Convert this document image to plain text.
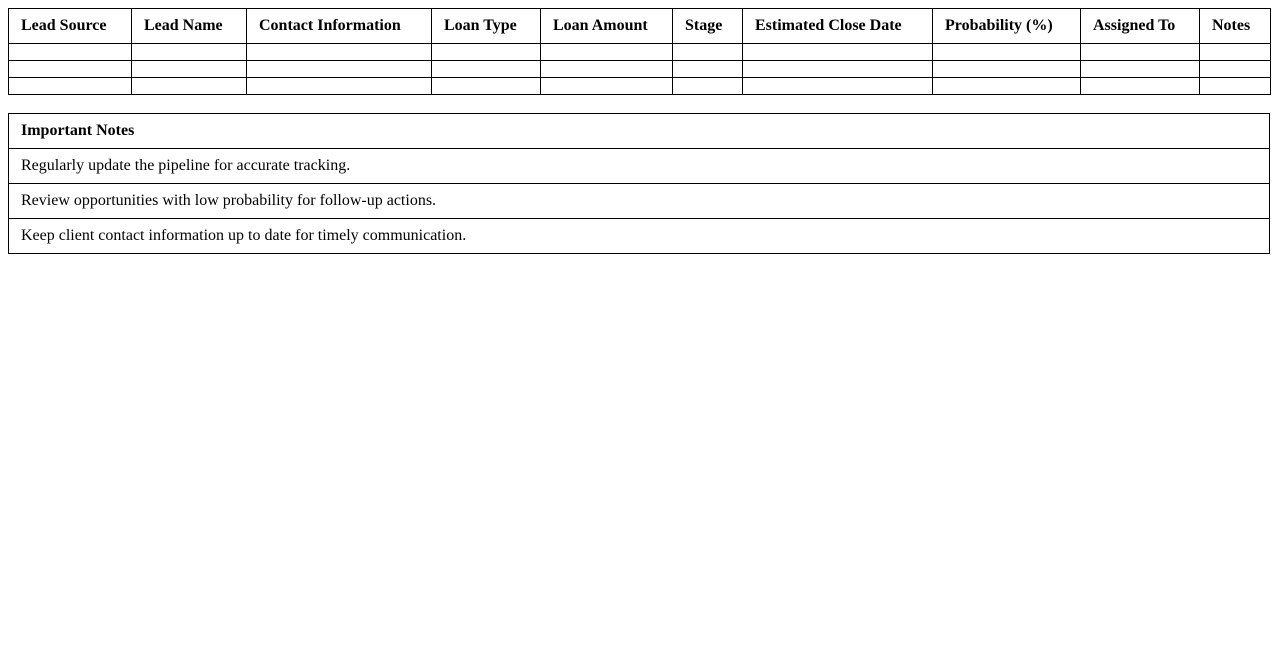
Lead Source	Lead Name	Contact Information	Loan Type	Loan Amount	Stage	Estimated Close Date	Probability (%)	Assigned To	Notes

Important Notes
Regularly update the pipeline for accurate tracking.
Review opportunities with low probability for follow-up actions.
Keep client contact information up to date for timely communication.
